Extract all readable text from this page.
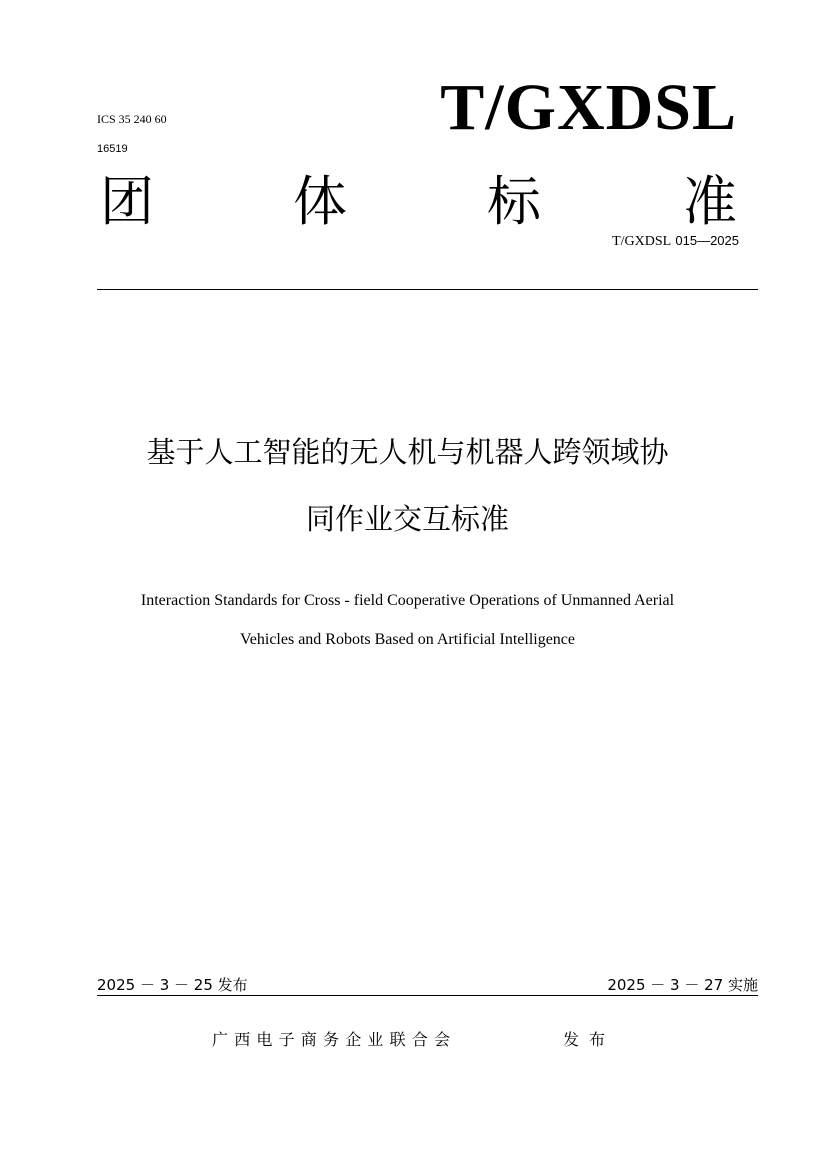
ICS 35 240 60
16519
T/GXDSL
团	体	标	准
T/GXDSL 015—2025
基于人工智能的无人机与机器人跨领域协
同作业交互标准
Interaction Standards for Cross - field Cooperative Operations of Unmanned Aerial
Vehicles and Robots Based on Artificial Intelligence
2025 － 3 － 25 发布	2025 － 3 － 27 实施
广西电子商务企业联合会	发布
